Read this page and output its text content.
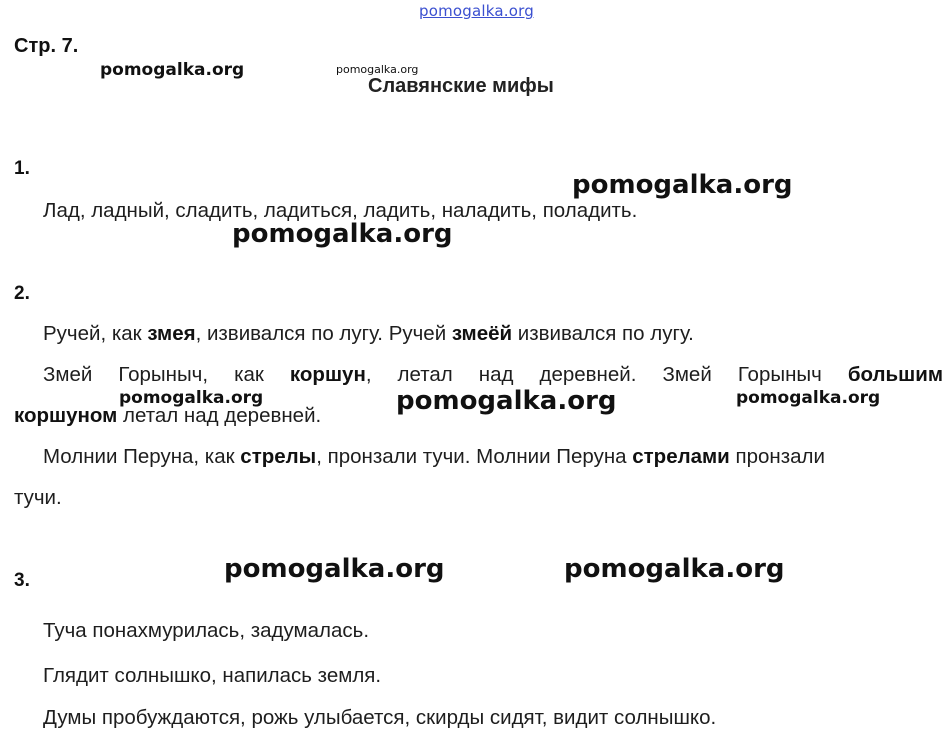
pomogalka.org
Стр. 7.
pomogalka.org	pomogalka.org
Славянские мифы
1.
pomogalka.org
Лад, ладный, сладить, ладиться, ладить, наладить, поладить.
pomogalka.org
2.
Ручей, как змея, извивался по лугу. Ручей змеёй извивался по лугу.
Змей Горыныч, как коршун, летал над деревней. Змей Горыныч большим
коршуном летал над деревней.
pomogalka.org	pomogalka.org	pomogalka.org
Молнии Перуна, как стрелы, пронзали тучи. Молнии Перуна стрелами пронзали
тучи.
3.	pomogalka.org	pomogalka.org
Туча понахмурилась, задумалась.
Глядит солнышко, напилась земля.
Думы пробуждаются, рожь улыбается, скирды сидят, видит солнышко.
